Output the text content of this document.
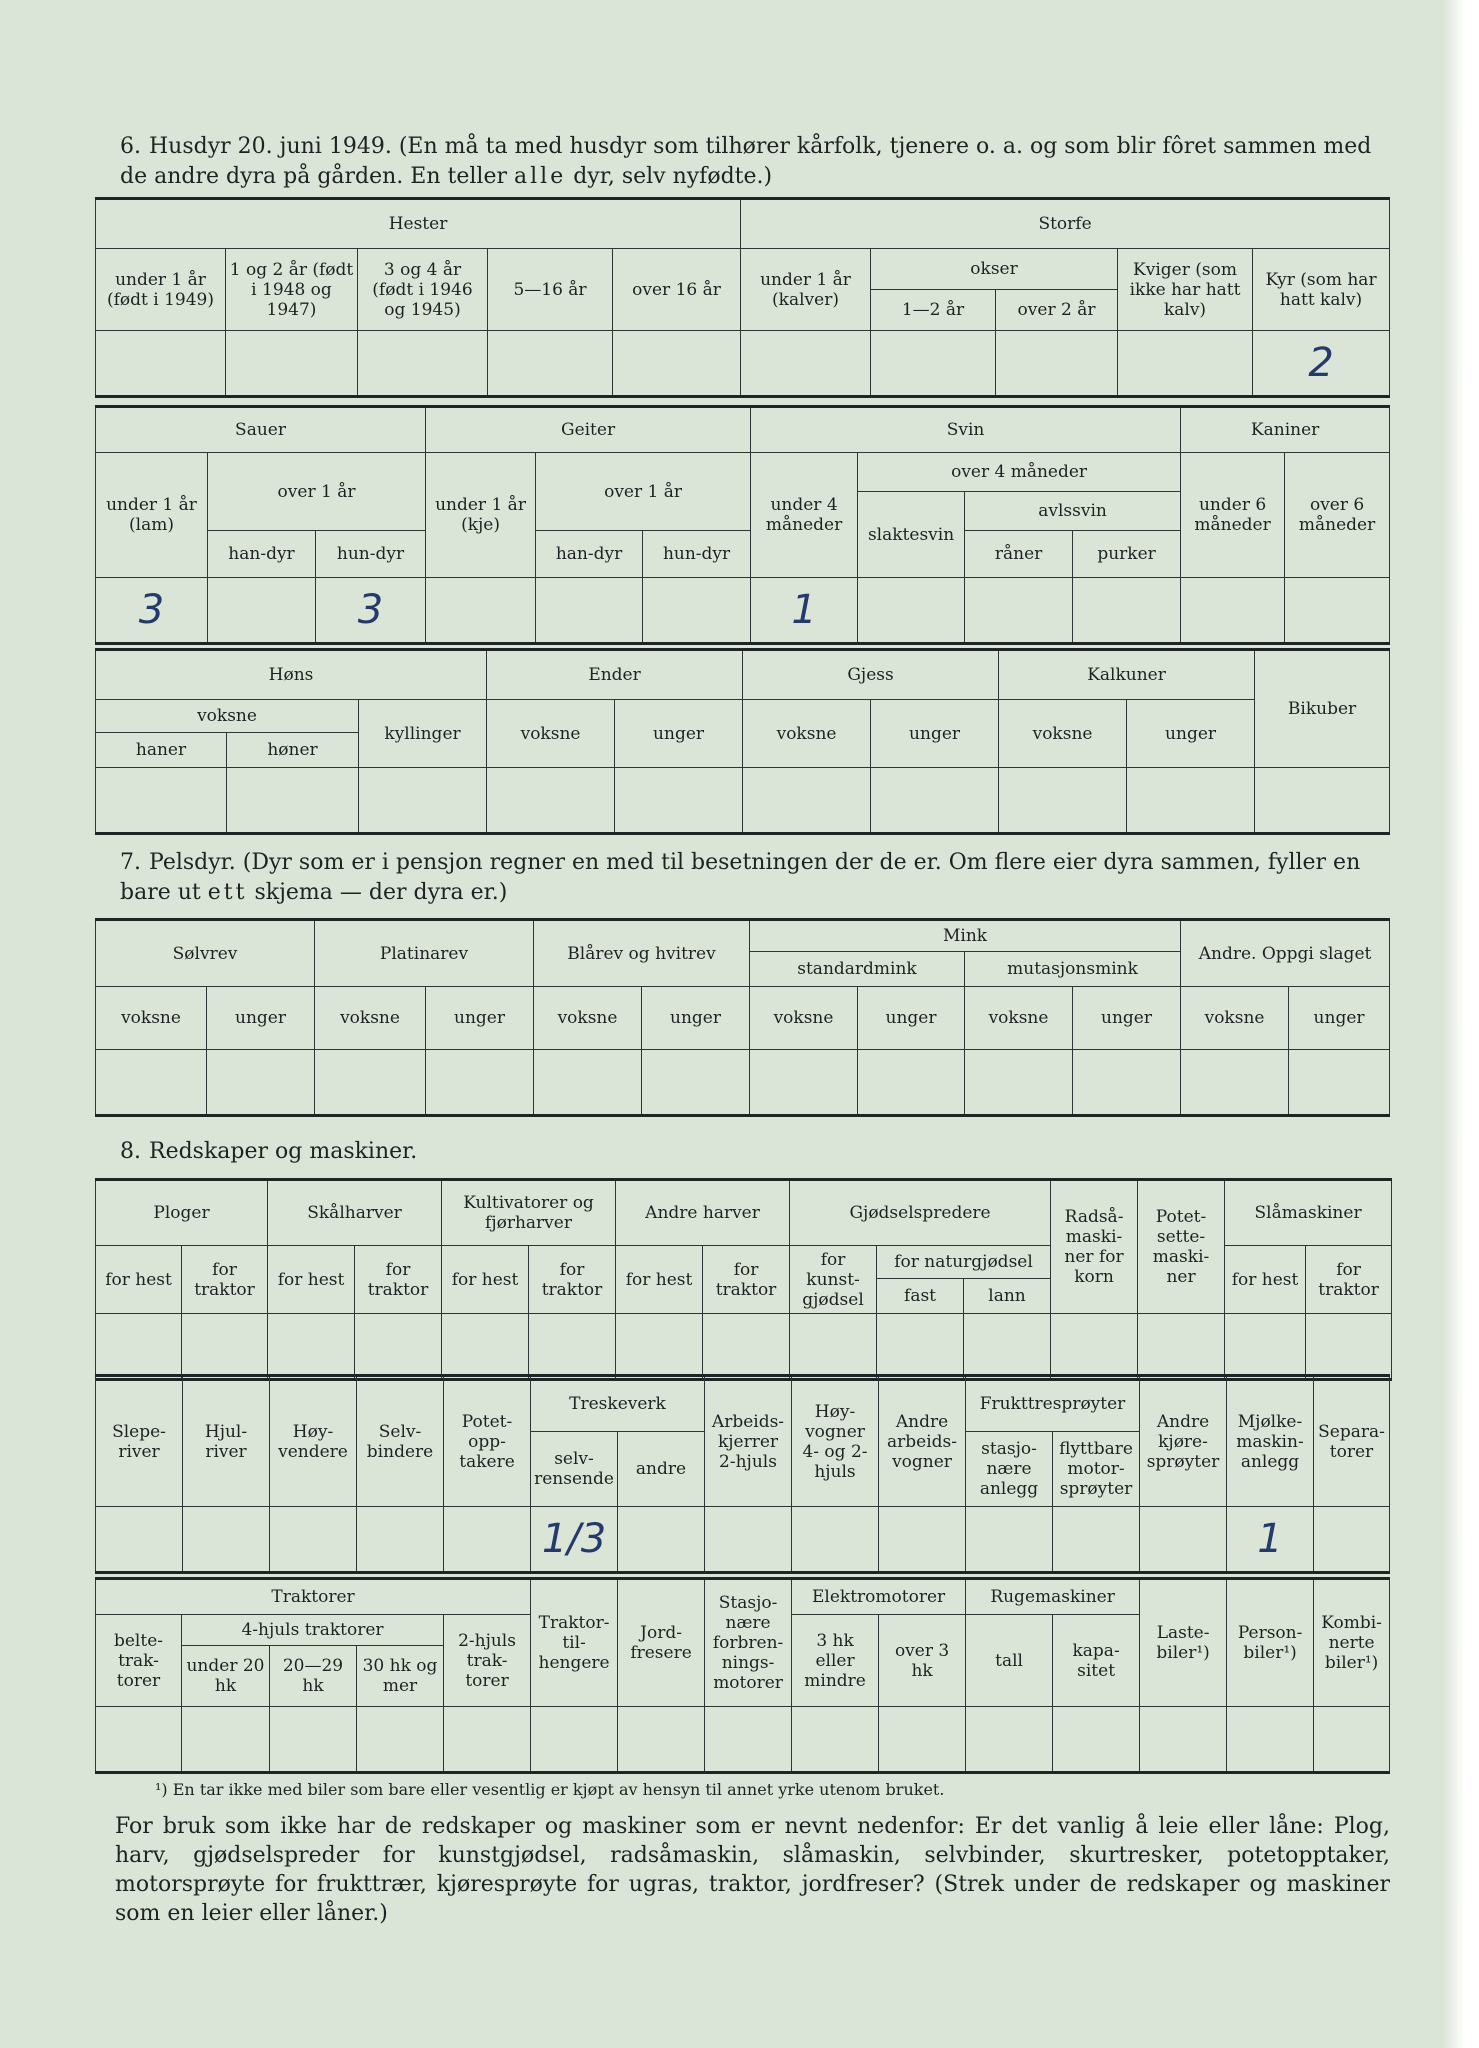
6. Husdyr 20. juni 1949. (En må ta med husdyr som tilhører kårfolk, tjenere o. a. og som blir fôret sammen med de andre dyra på gården. En teller alle dyr, selv nyfødte.)

Hester					Storfe				
under 1 år (født i 1949)	1 og 2 år (født i 1948 og 1947)	3 og 4 år (født i 1946 og 1945)	5—16 år	over 16 år	under 1 år (kalver)	okser		Kviger (som ikke har hatt kalv)	Kyr (som har hatt kalv)
						1—2 år	over 2 år		
									2
Sauer			Geiter			Svin				Kaniner	
under 1 år (lam)	over 1 år		under 1 år (kje)	over 1 år		under 4 måneder	over 4 måneder			under 6 måneder	over 6 måneder
							slaktesvin	avlssvin			
	han-dyr	hun-dyr		han-dyr	hun-dyr			råner	purker		
3		3				1					
Høns			Ender		Gjess		Kalkuner		Bikuber
voksne		kyllinger	voksne	unger	voksne	unger	voksne	unger	
haner	høner								

7. Pelsdyr. (Dyr som er i pensjon regner en med til besetningen der de er. Om flere eier dyra sammen, fyller en bare ut ett skjema — der dyra er.)

Sølvrev		Platinarev		Blårev og hvitrev		Mink				Andre. Oppgi slaget	
						standardmink		mutasjonsmink			
voksne	unger	voksne	unger	voksne	unger	voksne	unger	voksne	unger	voksne	unger

8. Redskaper og maskiner.

Ploger		Skålharver		Kultivatorer og fjørharver		Andre harver		Gjødselspredere			Radså-maski-ner for korn	Potet-sette-maski-ner	Slåmaskiner	
for hest	for traktor	for hest	for traktor	for hest	for traktor	for hest	for traktor	for kunst-gjødsel	for naturgjødsel				for hest	for traktor
									fast	lann				

Slepe-river	Hjul-river	Høy-vendere	Selv-bindere	Potet-opp-takere	Treskeverk		Arbeids-kjerrer 2-hjuls	Høy-vogner 4- og 2-hjuls	Andre arbeids-vogner	Frukttresprøyter		Andre kjøre-sprøyter	Mjølke-maskin-anlegg	Separa-torer
					selv-rensende	andre				stasjo-nære anlegg	flyttbare motor-sprøyter			
					1/3								1	
Traktorer					Traktor-til-hengere	Jord-fresere	Stasjo-nære forbren-nings-motorer	Elektromotorer		Rugemaskiner		Laste-biler¹)	Person-biler¹)	Kombi-nerte biler¹)
belte-trak-torer	4-hjuls traktorer			2-hjuls trak-torer				3 hk eller mindre	over 3 hk	tall	kapa-sitet			
	under 20 hk	20—29 hk	30 hk og mer											

¹) En tar ikke med biler som bare eller vesentlig er kjøpt av hensyn til annet yrke utenom bruket.

For bruk som ikke har de redskaper og maskiner som er nevnt nedenfor: Er det vanlig å leie eller låne: Plog, harv, gjødselspreder for kunstgjødsel, radsåmaskin, slåmaskin, selvbinder, skurtresker, potetopptaker, motorsprøyte for frukttrær, kjøresprøyte for ugras, traktor, jordfreser? (Strek under de redskaper og maskiner som en leier eller låner.)
